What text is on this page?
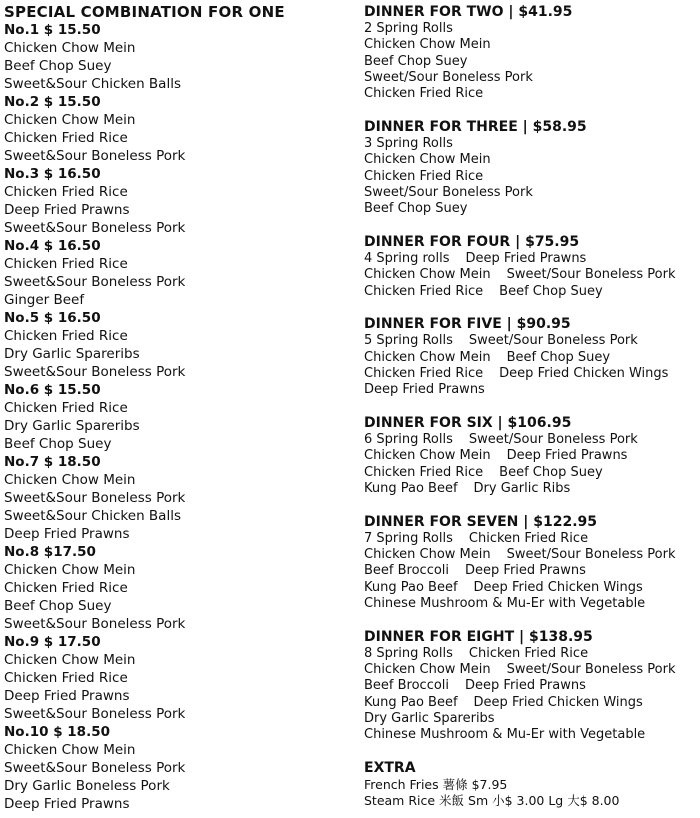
SPECIAL COMBINATION FOR ONE
No.1 $ 15.50
Chicken Chow Mein
Beef Chop Suey
Sweet&Sour Chicken Balls
No.2 $ 15.50
Chicken Chow Mein
Chicken Fried Rice
Sweet&Sour Boneless Pork
No.3 $ 16.50
Chicken Fried Rice
Deep Fried Prawns
Sweet&Sour Boneless Pork
No.4 $ 16.50
Chicken Fried Rice
Sweet&Sour Boneless Pork
Ginger Beef
No.5 $ 16.50
Chicken Fried Rice
Dry Garlic Spareribs
Sweet&Sour Boneless Pork
No.6 $ 15.50
Chicken Fried Rice
Dry Garlic Spareribs
Beef Chop Suey
No.7 $ 18.50
Chicken Chow Mein
Sweet&Sour Boneless Pork
Sweet&Sour Chicken Balls
Deep Fried Prawns
No.8 $17.50
Chicken Chow Mein
Chicken Fried Rice
Beef Chop Suey
Sweet&Sour Boneless Pork
No.9 $ 17.50
Chicken Chow Mein
Chicken Fried Rice
Deep Fried Prawns
Sweet&Sour Boneless Pork
No.10 $ 18.50
Chicken Chow Mein
Sweet&Sour Boneless Pork
Dry Garlic Boneless Pork
Deep Fried Prawns
DINNER FOR TWO | $41.95
2 Spring Rolls
Chicken Chow Mein
Beef Chop Suey
Sweet/Sour Boneless Pork
Chicken Fried Rice
DINNER FOR THREE | $58.95
3 Spring Rolls
Chicken Chow Mein
Chicken Fried Rice
Sweet/Sour Boneless Pork
Beef Chop Suey
DINNER FOR FOUR | $75.95
4 Spring rolls Deep Fried Prawns
Chicken Chow Mein Sweet/Sour Boneless Pork
Chicken Fried Rice Beef Chop Suey
DINNER FOR FIVE | $90.95
5 Spring Rolls Sweet/Sour Boneless Pork
Chicken Chow Mein Beef Chop Suey
Chicken Fried Rice Deep Fried Chicken Wings
Deep Fried Prawns
DINNER FOR SIX | $106.95
6 Spring Rolls Sweet/Sour Boneless Pork
Chicken Chow Mein Deep Fried Prawns
Chicken Fried Rice Beef Chop Suey
Kung Pao Beef Dry Garlic Ribs
DINNER FOR SEVEN | $122.95
7 Spring Rolls Chicken Fried Rice
Chicken Chow Mein Sweet/Sour Boneless Pork
Beef Broccoli Deep Fried Prawns
Kung Pao Beef Deep Fried Chicken Wings
Chinese Mushroom & Mu-Er with Vegetable
DINNER FOR EIGHT | $138.95
8 Spring Rolls Chicken Fried Rice
Chicken Chow Mein Sweet/Sour Boneless Pork
Beef Broccoli Deep Fried Prawns
Kung Pao Beef Deep Fried Chicken Wings
Dry Garlic Spareribs
Chinese Mushroom & Mu-Er with Vegetable
EXTRA
French Fries 薯條 $7.95
Steam Rice 米飯 Sm 小$ 3.00 Lg 大$ 8.00
